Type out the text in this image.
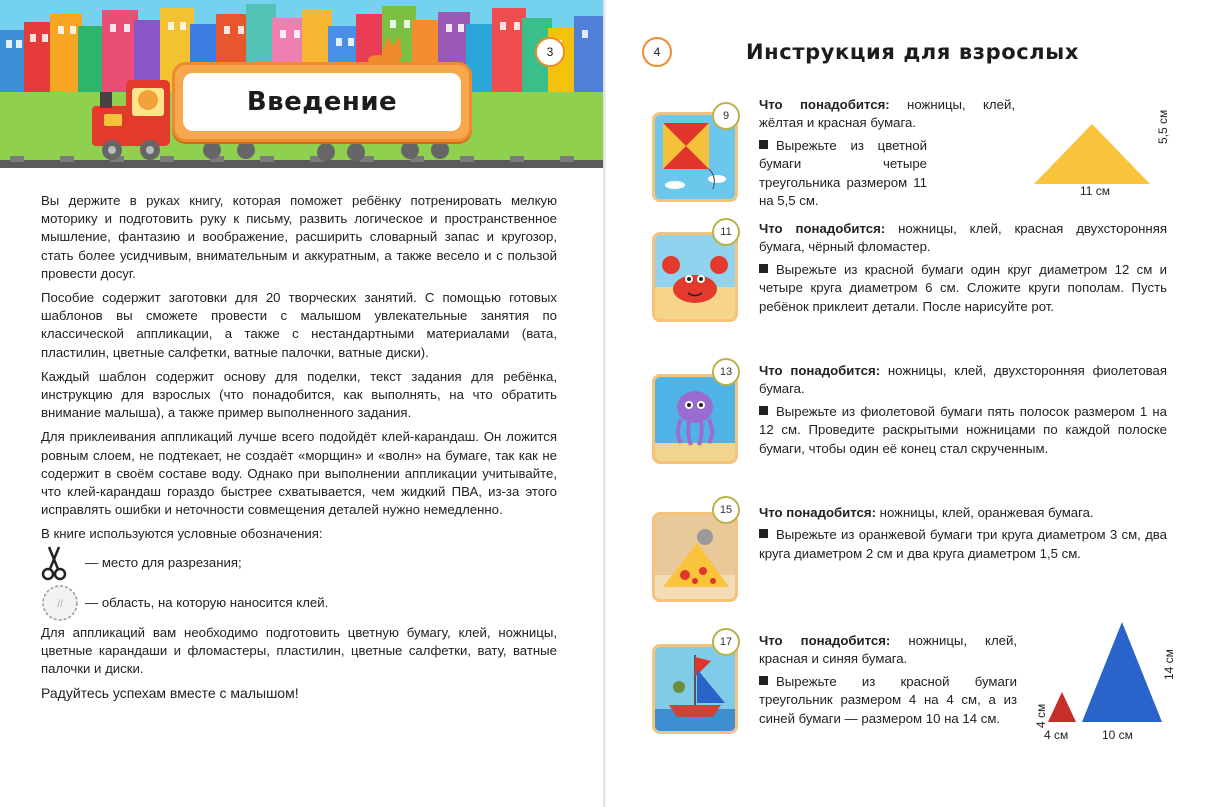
Введение
3

Вы держите в руках книгу, которая поможет ребёнку потренировать мелкую моторику и подготовить руку к письму, развить логическое и пространственное мышление, фантазию и воображение, расширить словарный запас и кругозор, стать более усидчивым, внимательным и аккуратным, а также весело и с пользой провести досуг.

Пособие содержит заготовки для 20 творческих занятий. С помощью готовых шаблонов вы сможете провести с малышом увлекательные занятия по классической аппликации, а также с нестандартными материалами (вата, пластилин, цветные салфетки, ватные палочки, ватные диски).

Каждый шаблон содержит основу для поделки, текст задания для ребёнка, инструкцию для взрослых (что понадобится, как выполнять, на что обратить внимание малыша), а также пример выполненного задания.

Для приклеивания аппликаций лучше всего подойдёт клей-карандаш. Он ложится ровным слоем, не подтекает, не создаёт «морщин» и «волн» на бумаге, так как не содержит в своём составе воду. Однако при выполнении аппликации учитывайте, что клей-карандаш гораздо быстрее схватывается, чем жидкий ПВА, из-за этого исправлять ошибки и неточности совмещения деталей нужно немедленно.

В книге используются условные обозначения:

— место для разрезания;
// — область, на которую наносится клей.

Для аппликаций вам необходимо подготовить цветную бумагу, клей, ножницы, цветные карандаши и фломастеры, пластилин, цветные салфетки, вату, ватные палочки и диски.

Радуйтесь успехам вместе с малышом!

4	Инструкция для взрослых
9

Что понадобится: ножницы, клей, жёлтая и красная бумага.

Вырежьте из цветной бумаги четыре треугольника размером 11 на 5,5 см.

11 см
5,5 см
11	Что понадобится: ножницы, клей, красная двухсторонняя бумага, чёрный фломастер.

Вырежьте из красной бумаги один круг диаметром 12 см и четыре круга диаметром 6 см. Сложите круги пополам. Пусть ребёнок приклеит детали. После нарисуйте рот.

13	Что понадобится: ножницы, клей, двухсторонняя фиолетовая бумага.

Вырежьте из фиолетовой бумаги пять полосок размером 1 на 12 см. Проведите раскрытыми ножницами по каждой полоске бумаги, чтобы один её конец стал скрученным.

15	Что понадобится: ножницы, клей, оранжевая бумага.

Вырежьте из оранжевой бумаги три круга диаметром 3 см, два круга диаметром 2 см и два круга диаметром 1,5 см.

17	Что понадобится: ножницы, клей, красная и синяя бумага.

Вырежьте из красной бумаги треугольник размером 4 на 4 см, а из синей бумаги — размером 10 на 14 см.

4 см	10 см
4 см
14 см
